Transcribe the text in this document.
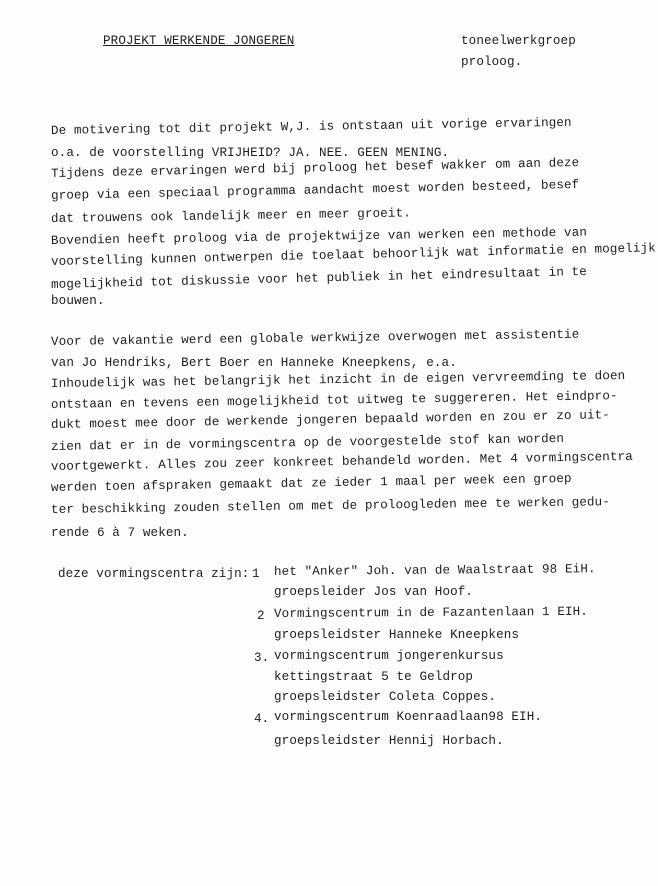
PROJEKT WERKENDE JONGEREN	toneelwerkgroep
proloog.
De motivering tot dit projekt W,J. is ontstaan uit vorige ervaringen
o.a. de voorstelling VRIJHEID? JA. NEE. GEEN MENING.
Tijdens deze ervaringen werd bij proloog het besef wakker om aan deze
groep via een speciaal programma aandacht moest worden besteed, besef
dat trouwens ook landelijk meer en meer groeit.
Bovendien heeft proloog via de projektwijze van werken een methode van
voorstelling kunnen ontwerpen die toelaat behoorlijk wat informatie en mogelijk
mogelijkheid tot diskussie voor het publiek in het eindresultaat in te
bouwen.
Voor de vakantie werd een globale werkwijze overwogen met assistentie
van Jo Hendriks, Bert Boer en Hanneke Kneepkens, e.a.
Inhoudelijk was het belangrijk het inzicht in de eigen vervreemding te doen
ontstaan en tevens een mogelijkheid tot uitweg te suggereren. Het eindpro-
dukt moest mee door de werkende jongeren bepaald worden en zou er zo uit-
zien dat er in de vormingscentra op de voorgestelde stof kan worden
voortgewerkt. Alles zou zeer konkreet behandeld worden. Met 4 vormingscentra
werden toen afspraken gemaakt dat ze ieder 1 maal per week een groep
ter beschikking zouden stellen om met de proloogleden mee te werken gedu-
rende 6 à 7 weken.
deze vormingscentra zijn: 1 het "Anker" Joh. van de Waalstraat 98 EiH.
groepsleider Jos van Hoof.
2 Vormingscentrum in de Fazantenlaan 1 EIH.
groepsleidster Hanneke Kneepkens
3. vormingscentrum jongerenkursus
kettingstraat 5 te Geldrop
groepsleidster Coleta Coppes.
4. vormingscentrum Koenraadlaan98 EIH.
groepsleidster Hennij Horbach.
